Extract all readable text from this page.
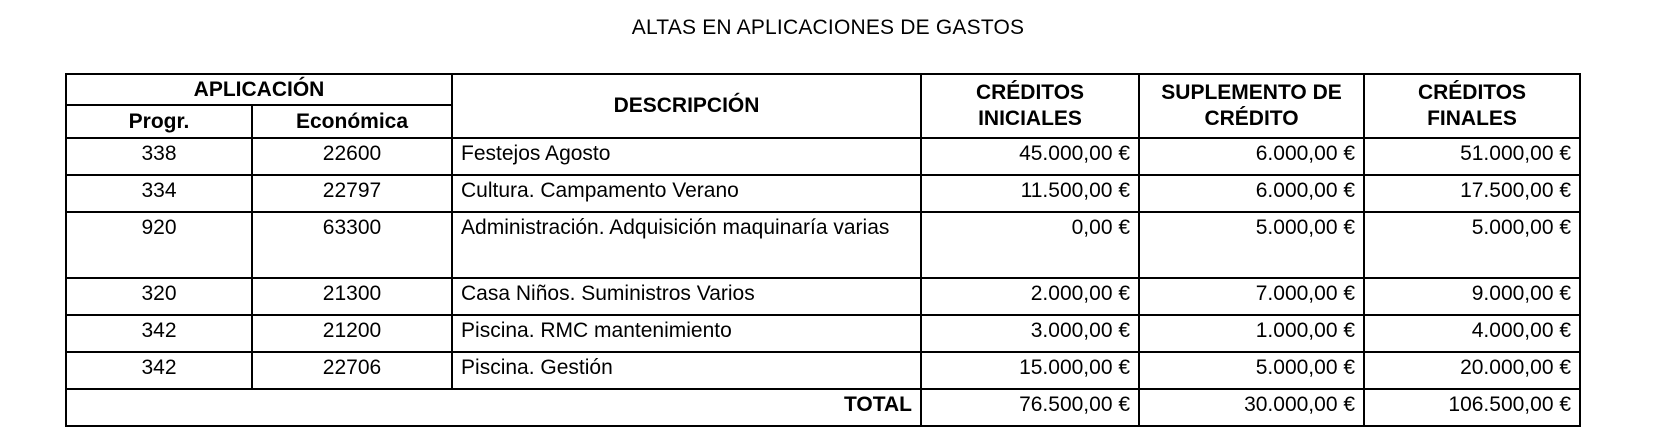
ALTAS EN APLICACIONES DE GASTOS
APLICACIÓN		DESCRIPCIÓN	CRÉDITOS INICIALES	SUPLEMENTO DE CRÉDITO	CRÉDITOS FINALES
Progr.	Económica				
338	22600	Festejos Agosto	45.000,00 €	6.000,00 €	51.000,00 €
334	22797	Cultura. Campamento Verano	11.500,00 €	6.000,00 €	17.500,00 €
920	63300	Administración. Adquisición maquinaría varias	0,00 €	5.000,00 €	5.000,00 €
320	21300	Casa Niños. Suministros Varios	2.000,00 €	7.000,00 €	9.000,00 €
342	21200	Piscina. RMC mantenimiento	3.000,00 €	1.000,00 €	4.000,00 €
342	22706	Piscina. Gestión	15.000,00 €	5.000,00 €	20.000,00 €
TOTAL			76.500,00 €	30.000,00 €	106.500,00 €
